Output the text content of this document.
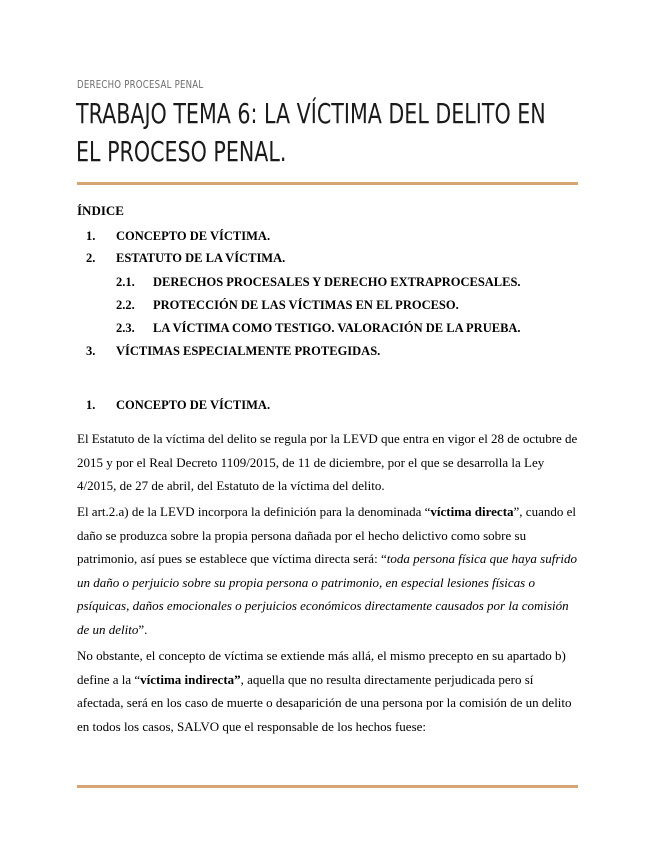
DERECHO PROCESAL PENAL
TRABAJO TEMA 6: LA VÍCTIMA DEL DELITO EN EL PROCESO PENAL.
ÍNDICE
1. CONCEPTO DE VÍCTIMA.
2. ESTATUTO DE LA VÍCTIMA.
2.1. DERECHOS PROCESALES Y DERECHO EXTRAPROCESALES.
2.2. PROTECCIÓN DE LAS VÍCTIMAS EN EL PROCESO.
2.3. LA VÍCTIMA COMO TESTIGO. VALORACIÓN DE LA PRUEBA.
3. VÍCTIMAS ESPECIALMENTE PROTEGIDAS.
1. CONCEPTO DE VÍCTIMA.

El Estatuto de la víctima del delito se regula por la LEVD que entra en vigor el 28 de octubre de 2015 y por el Real Decreto 1109/2015, de 11 de diciembre, por el que se desarrolla la Ley 4/2015, de 27 de abril, del Estatuto de la víctima del delito.

El art.2.a) de la LEVD incorpora la definición para la denominada “víctima directa”, cuando el daño se produzca sobre la propia persona dañada por el hecho delictivo como sobre su patrimonio, así pues se establece que víctima directa será: “toda persona física que haya sufrido un daño o perjuicio sobre su propia persona o patrimonio, en especial lesiones físicas o psíquicas, daños emocionales o perjuicios económicos directamente causados por la comisión de un delito”.

No obstante, el concepto de víctima se extiende más allá, el mismo precepto en su apartado b) define a la “víctima indirecta”, aquella que no resulta directamente perjudicada pero sí afectada, será en los caso de muerte o desaparición de una persona por la comisión de un delito en todos los casos, SALVO que el responsable de los hechos fuese:
